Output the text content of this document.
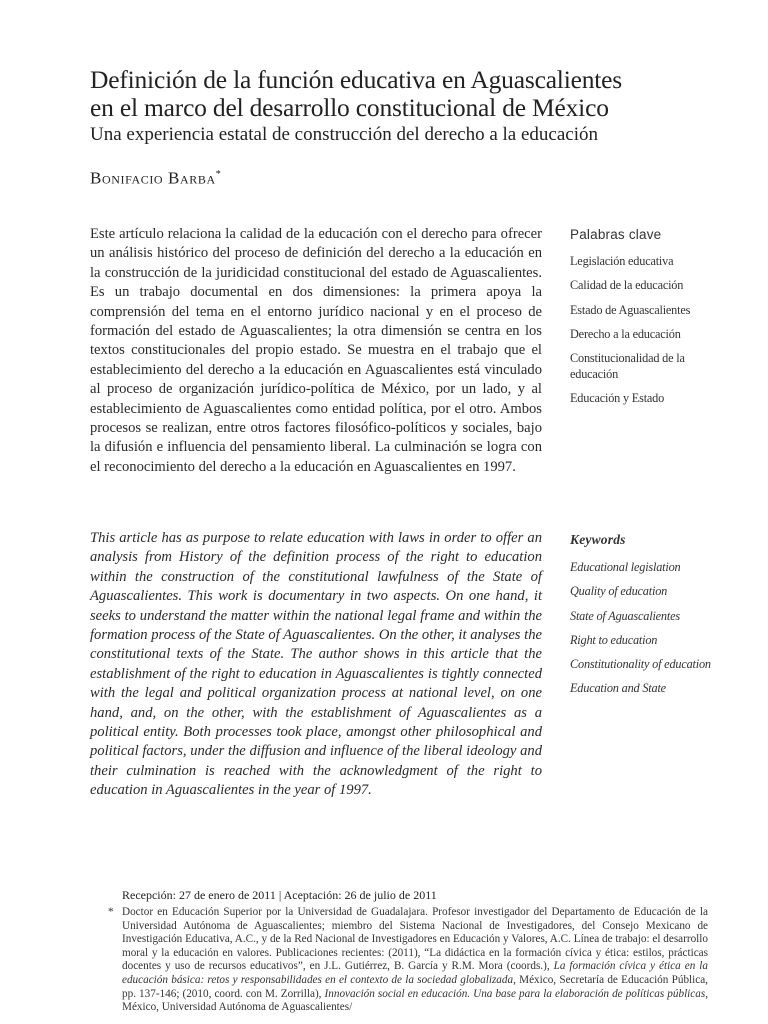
Definición de la función educativa en Aguascalientes
en el marco del desarrollo constitucional de México
Una experiencia estatal de construcción del derecho a la educación
Bonifacio Barba*

Este artículo relaciona la calidad de la educación con el derecho para ofrecer un análisis histórico del proceso de definición del derecho a la educación en la construcción de la juridicidad constitucional del estado de Aguascalientes. Es un trabajo documental en dos dimensiones: la primera apoya la comprensión del tema en el entorno jurídico nacional y en el proceso de formación del estado de Aguascalientes; la otra dimensión se centra en los textos constitucionales del propio estado. Se muestra en el trabajo que el establecimiento del derecho a la educación en Aguascalientes está vinculado al proceso de organización jurídico-política de México, por un lado, y al establecimiento de Aguascalientes como entidad política, por el otro. Ambos procesos se realizan, entre otros factores filosófico-políticos y sociales, bajo la difusión e influencia del pensamiento liberal. La culminación se logra con el reconocimiento del derecho a la educación en Aguascalientes en 1997.

Palabras clave
Legislación educativa
Calidad de la educación
Estado de Aguascalientes
Derecho a la educación
Constitucionalidad de la educación
Educación y Estado

This article has as purpose to relate education with laws in order to offer an analysis from History of the definition process of the right to education within the construction of the constitutional lawfulness of the State of Aguascalientes. This work is documentary in two aspects. On one hand, it seeks to understand the matter within the national legal frame and within the formation process of the State of Aguascalientes. On the other, it analyses the constitutional texts of the State. The author shows in this article that the establishment of the right to education in Aguascalientes is tightly connected with the legal and political organization process at national level, on one hand, and, on the other, with the establishment of Aguascalientes as a political entity. Both processes took place, amongst other philosophical and political factors, under the diffusion and influence of the liberal ideology and their culmination is reached with the acknowledgment of the right to education in Aguascalientes in the year of 1997.

Keywords
Educational legislation
Quality of education
State of Aguascalientes
Right to education
Constitutionality of education
Education and State
Recepción: 27 de enero de 2011 | Aceptación: 26 de julio de 2011

* Doctor en Educación Superior por la Universidad de Guadalajara. Profesor investigador del Departamento de Educación de la Universidad Autónoma de Aguascalientes; miembro del Sistema Nacional de Investigadores, del Consejo Mexicano de Investigación Educativa, A.C., y de la Red Nacional de Investigadores en Educación y Valores, A.C. Línea de trabajo: el desarrollo moral y la educación en valores. Publicaciones recientes: (2011), “La didáctica en la formación cívica y ética: estilos, prácticas docentes y uso de recursos educativos”, en J.L. Gutiérrez, B. García y R.M. Mora (coords.), La formación cívica y ética en la educación básica: retos y responsabilidades en el contexto de la sociedad globalizada, México, Secretaría de Educación Pública, pp. 137-146; (2010, coord. con M. Zorrilla), Innovación social en educación. Una base para la elaboración de políticas públicas, México, Universidad Autónoma de Aguascalientes/
